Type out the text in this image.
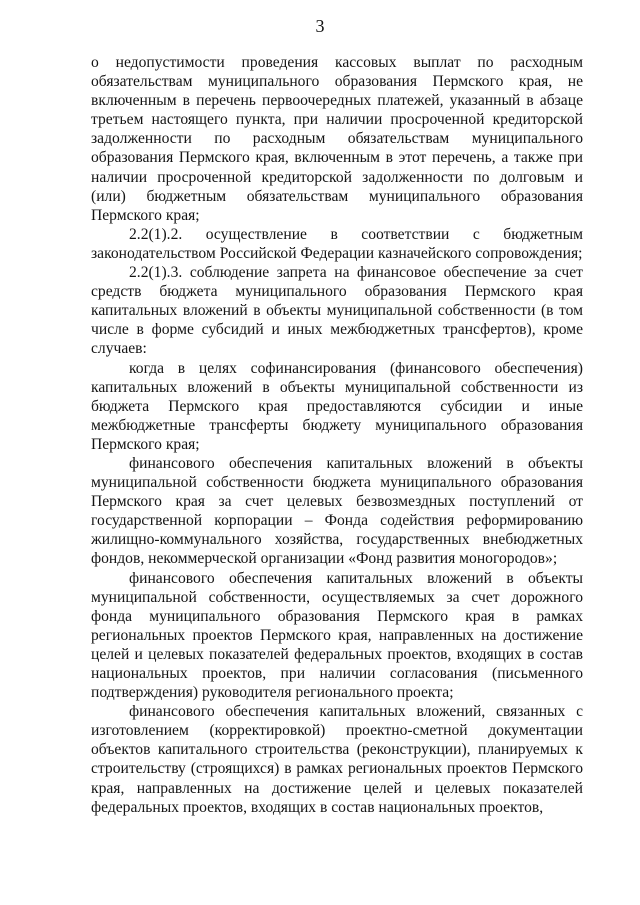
3

о недопустимости проведения кассовых выплат по расходным обязательствам муниципального образования Пермского края, не включенным в перечень первоочередных платежей, указанный в абзаце третьем настоящего пункта, при наличии просроченной кредиторской задолженности по расходным обязательствам муниципального образования Пермского края, включенным в этот перечень, а также при наличии просроченной кредиторской задолженности по долговым и (или) бюджетным обязательствам муниципального образования Пермского края;

2.2(1).2. осуществление в соответствии с бюджетным законодательством Российской Федерации казначейского сопровождения;

2.2(1).3. соблюдение запрета на финансовое обеспечение за счет средств бюджета муниципального образования Пермского края капитальных вложений в объекты муниципальной собственности (в том числе в форме субсидий и иных межбюджетных трансфертов), кроме случаев:

когда в целях софинансирования (финансового обеспечения) капитальных вложений в объекты муниципальной собственности из бюджета Пермского края предоставляются субсидии и иные межбюджетные трансферты бюджету муниципального образования Пермского края;

финансового обеспечения капитальных вложений в объекты муниципальной собственности бюджета муниципального образования Пермского края за счет целевых безвозмездных поступлений от государственной корпорации – Фонда содействия реформированию жилищно-коммунального хозяйства, государственных внебюджетных фондов, некоммерческой организации «Фонд развития моногородов»;

финансового обеспечения капитальных вложений в объекты муниципальной собственности, осуществляемых за счет дорожного фонда муниципального образования Пермского края в рамках региональных проектов Пермского края, направленных на достижение целей и целевых показателей федеральных проектов, входящих в состав национальных проектов, при наличии согласования (письменного подтверждения) руководителя регионального проекта;

финансового обеспечения капитальных вложений, связанных с изготовлением (корректировкой) проектно-сметной документации объектов капитального строительства (реконструкции), планируемых к строительству (строящихся) в рамках региональных проектов Пермского края, направленных на достижение целей и целевых показателей федеральных проектов, входящих в состав национальных проектов,
